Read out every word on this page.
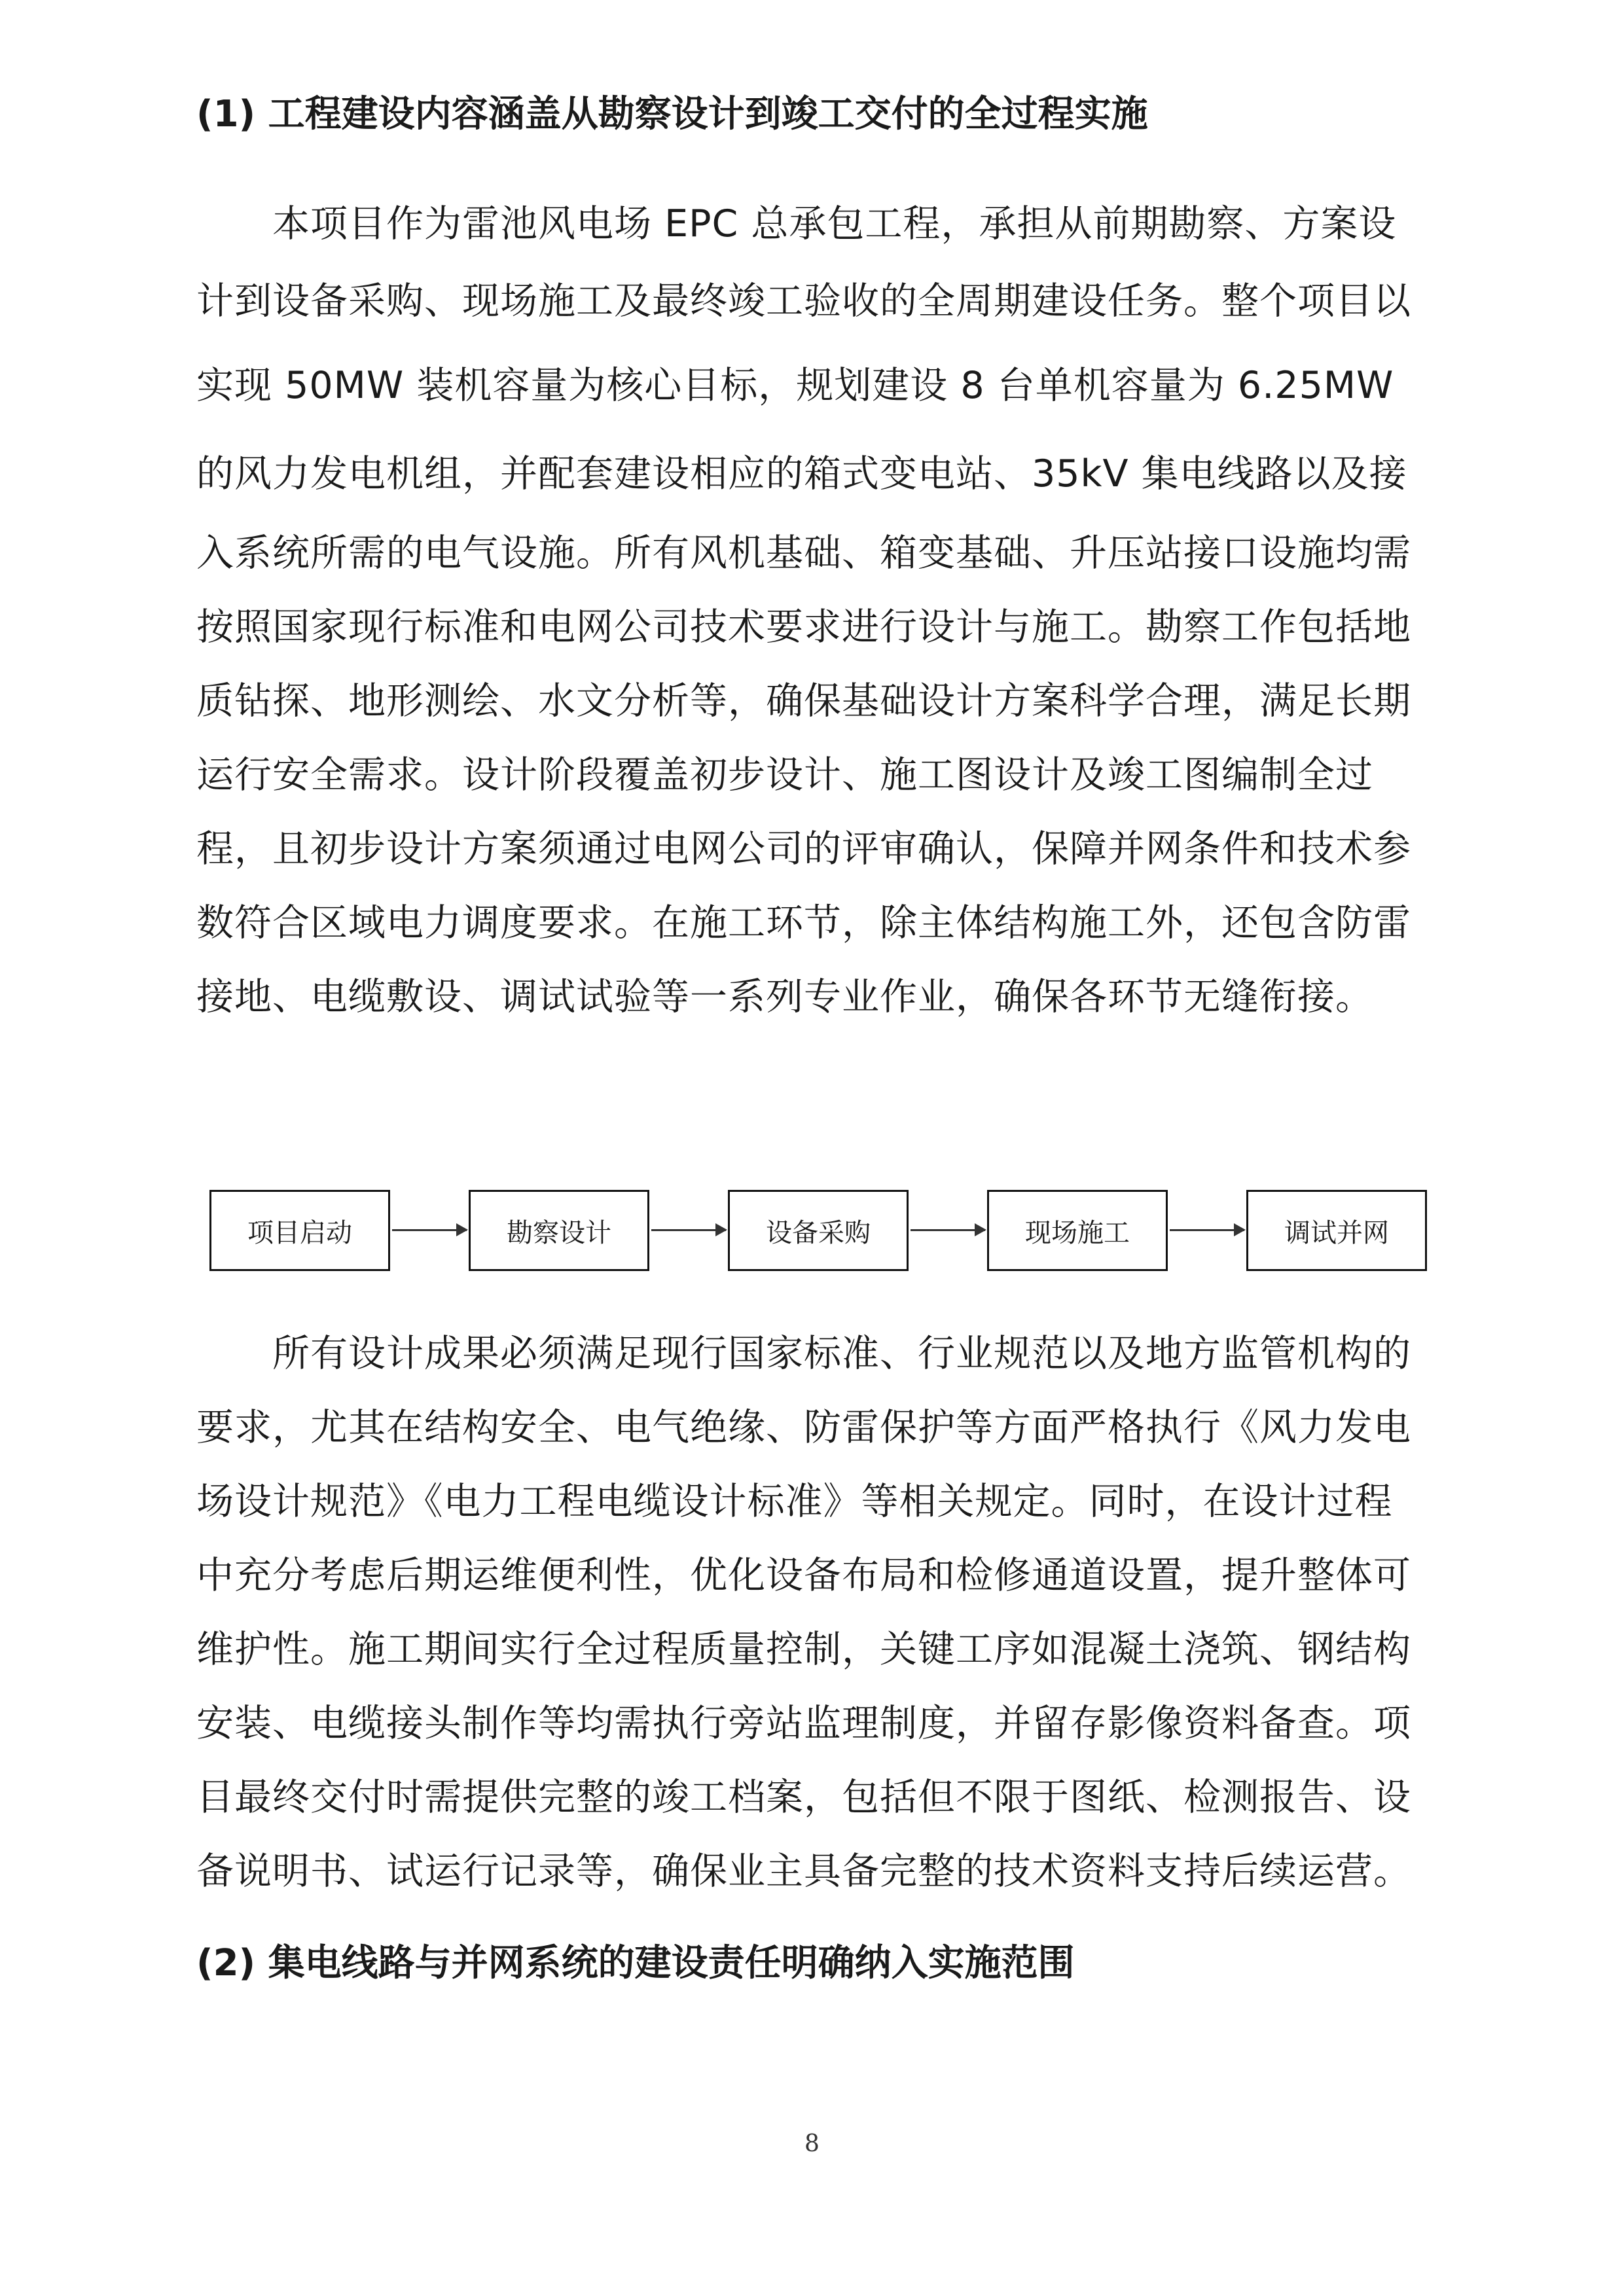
(1) 工程建设内容涵盖从勘察设计到竣工交付的全过程实施
　　本项目作为雷池风电场 EPC 总承包工程，承担从前期勘察、方案设
计到设备采购、现场施工及最终竣工验收的全周期建设任务。整个项目以
实现 50MW 装机容量为核心目标，规划建设 8 台单机容量为 6.25MW
的风力发电机组，并配套建设相应的箱式变电站、35kV 集电线路以及接
入系统所需的电气设施。所有风机基础、箱变基础、升压站接口设施均需
按照国家现行标准和电网公司技术要求进行设计与施工。勘察工作包括地
质钻探、地形测绘、水文分析等，确保基础设计方案科学合理，满足长期
运行安全需求。设计阶段覆盖初步设计、施工图设计及竣工图编制全过
程，且初步设计方案须通过电网公司的评审确认，保障并网条件和技术参
数符合区域电力调度要求。在施工环节，除主体结构施工外，还包含防雷
接地、电缆敷设、调试试验等一系列专业作业，确保各环节无缝衔接。
项目启动	勘察设计	设备采购	现场施工	调试并网
　　所有设计成果必须满足现行国家标准、行业规范以及地方监管机构的
要求，尤其在结构安全、电气绝缘、防雷保护等方面严格执行《风力发电
场设计规范》《电力工程电缆设计标准》等相关规定。同时，在设计过程
中充分考虑后期运维便利性，优化设备布局和检修通道设置，提升整体可
维护性。施工期间实行全过程质量控制，关键工序如混凝土浇筑、钢结构
安装、电缆接头制作等均需执行旁站监理制度，并留存影像资料备查。项
目最终交付时需提供完整的竣工档案，包括但不限于图纸、检测报告、设
备说明书、试运行记录等，确保业主具备完整的技术资料支持后续运营。
(2) 集电线路与并网系统的建设责任明确纳入实施范围
8
